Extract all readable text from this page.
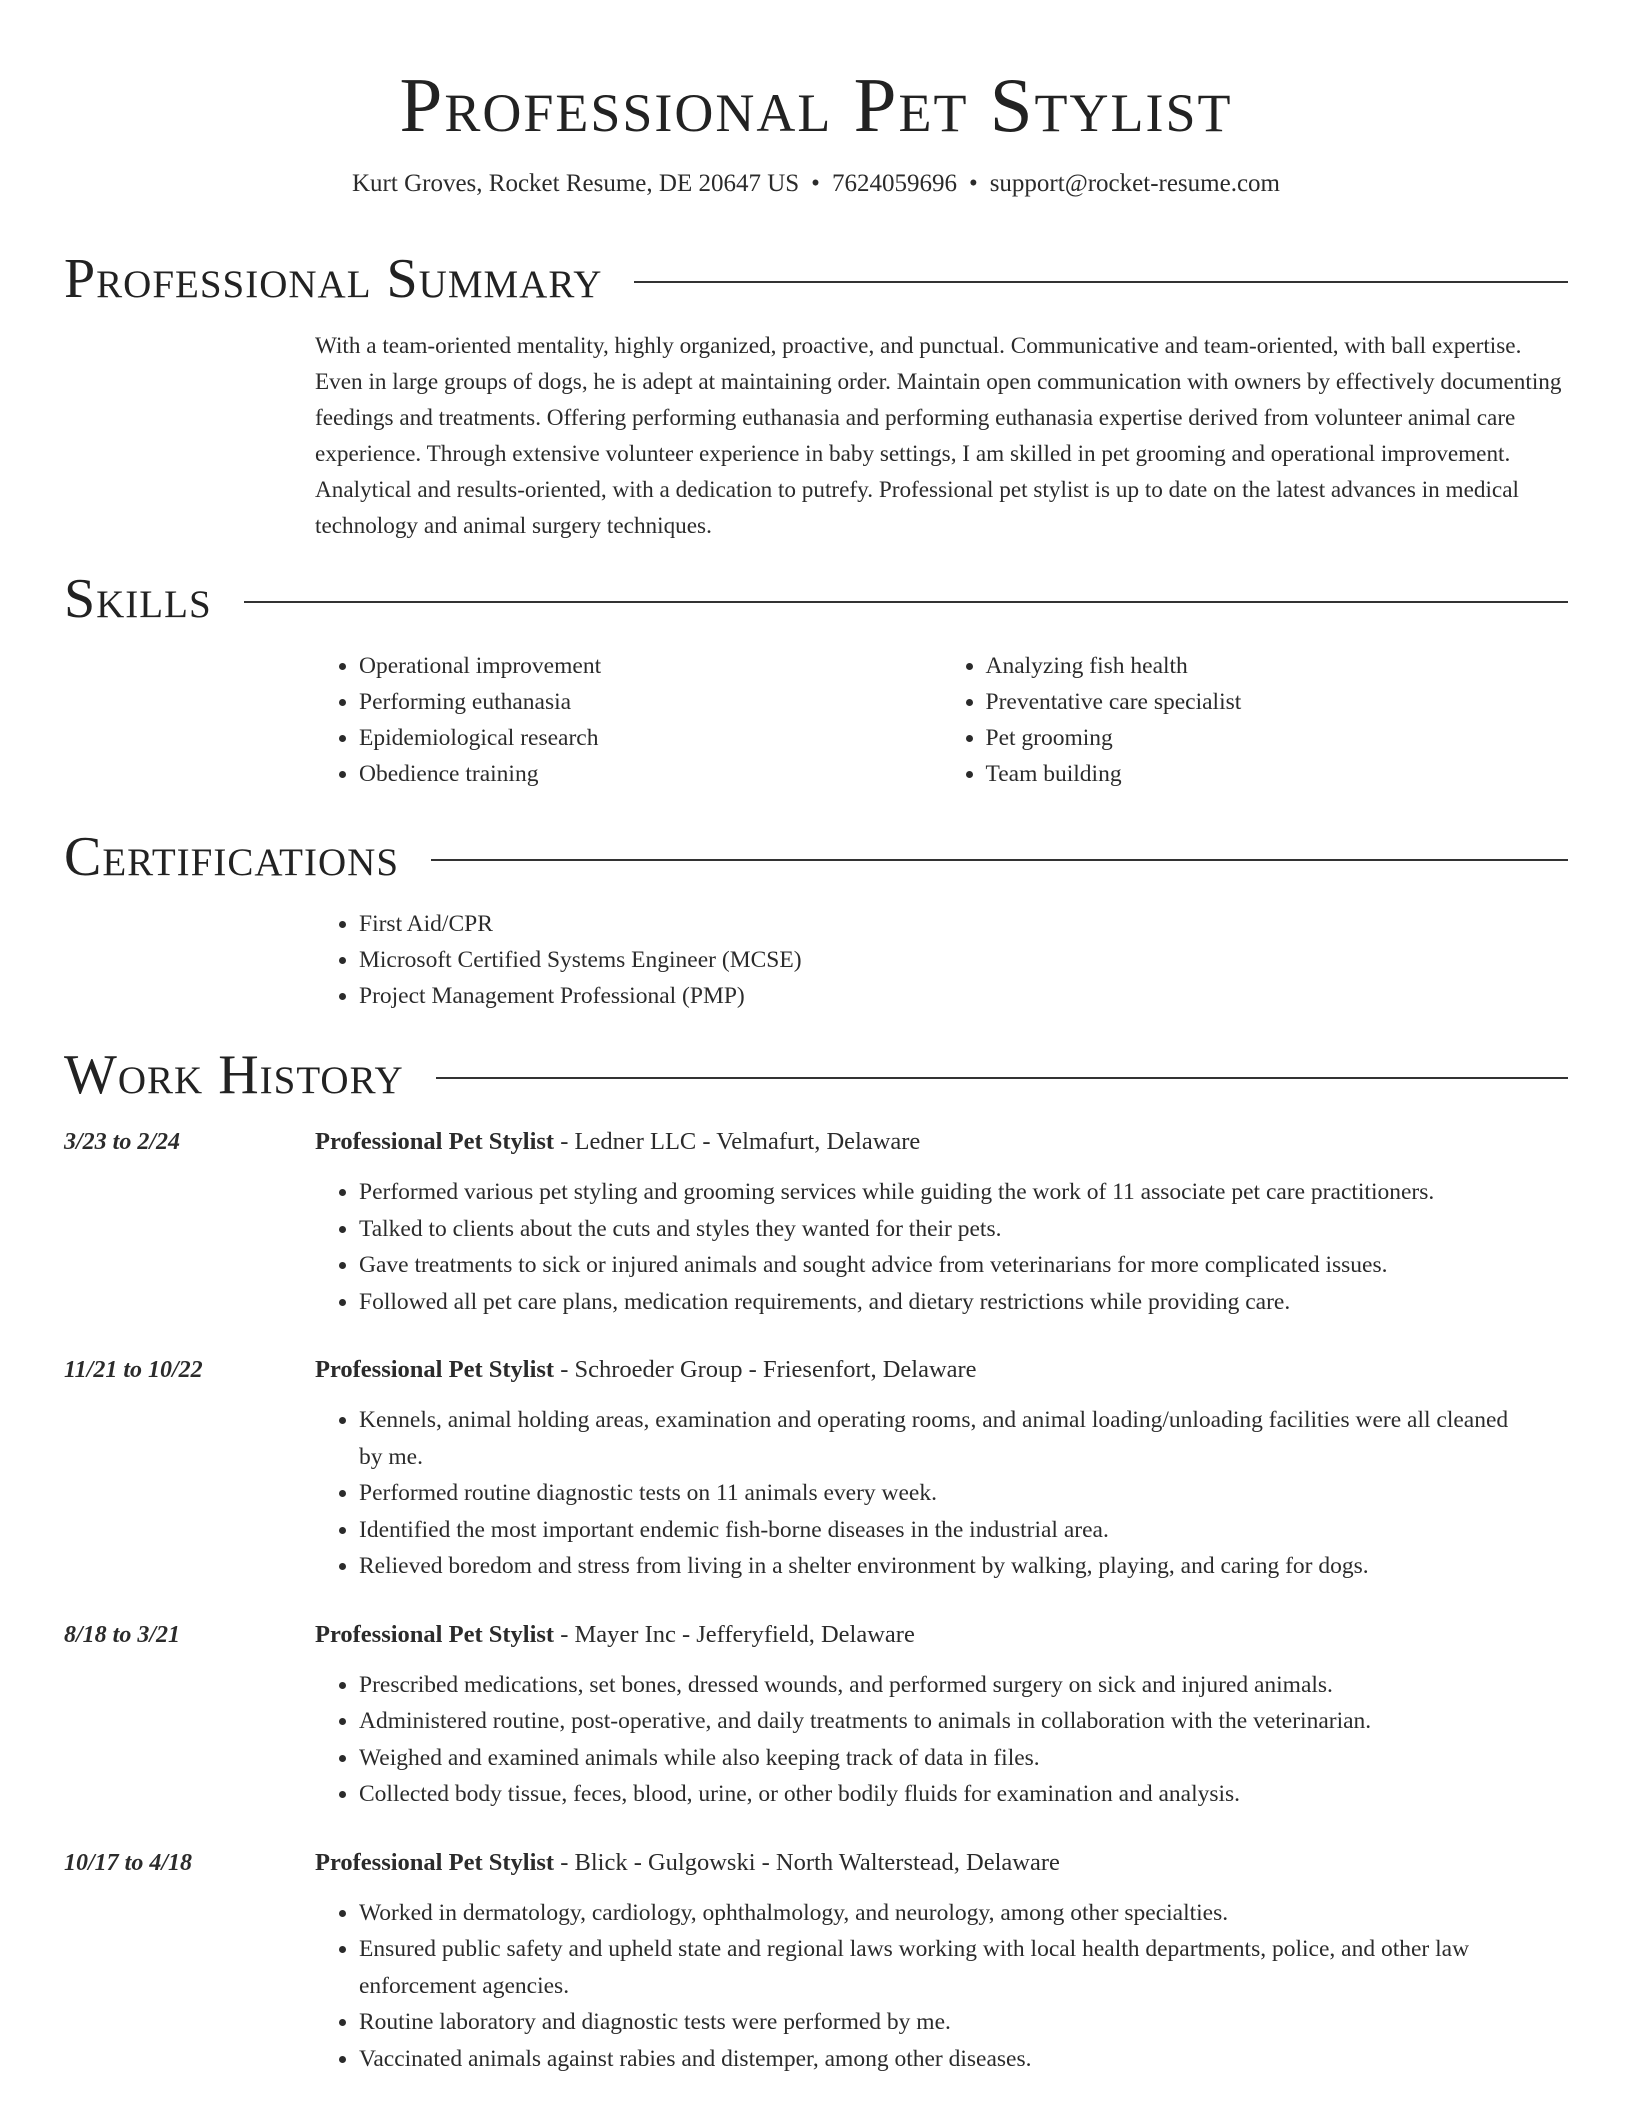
Professional Pet Stylist
Kurt Groves, Rocket Resume, DE 20647 US • 7624059696 • support@rocket-resume.com
Professional Summary
With a team-oriented mentality, highly organized, proactive, and punctual. Communicative and team-oriented, with ball expertise. Even in large groups of dogs, he is adept at maintaining order. Maintain open communication with owners by effectively documenting feedings and treatments. Offering performing euthanasia and performing euthanasia expertise derived from volunteer animal care experience. Through extensive volunteer experience in baby settings, I am skilled in pet grooming and operational improvement. Analytical and results-oriented, with a dedication to putrefy. Professional pet stylist is up to date on the latest advances in medical technology and animal surgery techniques.
Skills
• Operational improvement
• Performing euthanasia
• Epidemiological research
• Obedience training
• Analyzing fish health
• Preventative care specialist
• Pet grooming
• Team building
Certifications
• First Aid/CPR
• Microsoft Certified Systems Engineer (MCSE)
• Project Management Professional (PMP)
Work History
3/23 to 2/24	Professional Pet Stylist - Ledner LLC - Velmafurt, Delaware
• Performed various pet styling and grooming services while guiding the work of 11 associate pet care practitioners.
• Talked to clients about the cuts and styles they wanted for their pets.
• Gave treatments to sick or injured animals and sought advice from veterinarians for more complicated issues.
• Followed all pet care plans, medication requirements, and dietary restrictions while providing care.
11/21 to 10/22	Professional Pet Stylist - Schroeder Group - Friesenfort, Delaware
• Kennels, animal holding areas, examination and operating rooms, and animal loading/unloading facilities were all cleaned by me.
• Performed routine diagnostic tests on 11 animals every week.
• Identified the most important endemic fish-borne diseases in the industrial area.
• Relieved boredom and stress from living in a shelter environment by walking, playing, and caring for dogs.
8/18 to 3/21	Professional Pet Stylist - Mayer Inc - Jefferyfield, Delaware
• Prescribed medications, set bones, dressed wounds, and performed surgery on sick and injured animals.
• Administered routine, post-operative, and daily treatments to animals in collaboration with the veterinarian.
• Weighed and examined animals while also keeping track of data in files.
• Collected body tissue, feces, blood, urine, or other bodily fluids for examination and analysis.
10/17 to 4/18	Professional Pet Stylist - Blick - Gulgowski - North Walterstead, Delaware
• Worked in dermatology, cardiology, ophthalmology, and neurology, among other specialties.
• Ensured public safety and upheld state and regional laws working with local health departments, police, and other law enforcement agencies.
• Routine laboratory and diagnostic tests were performed by me.
• Vaccinated animals against rabies and distemper, among other diseases.
